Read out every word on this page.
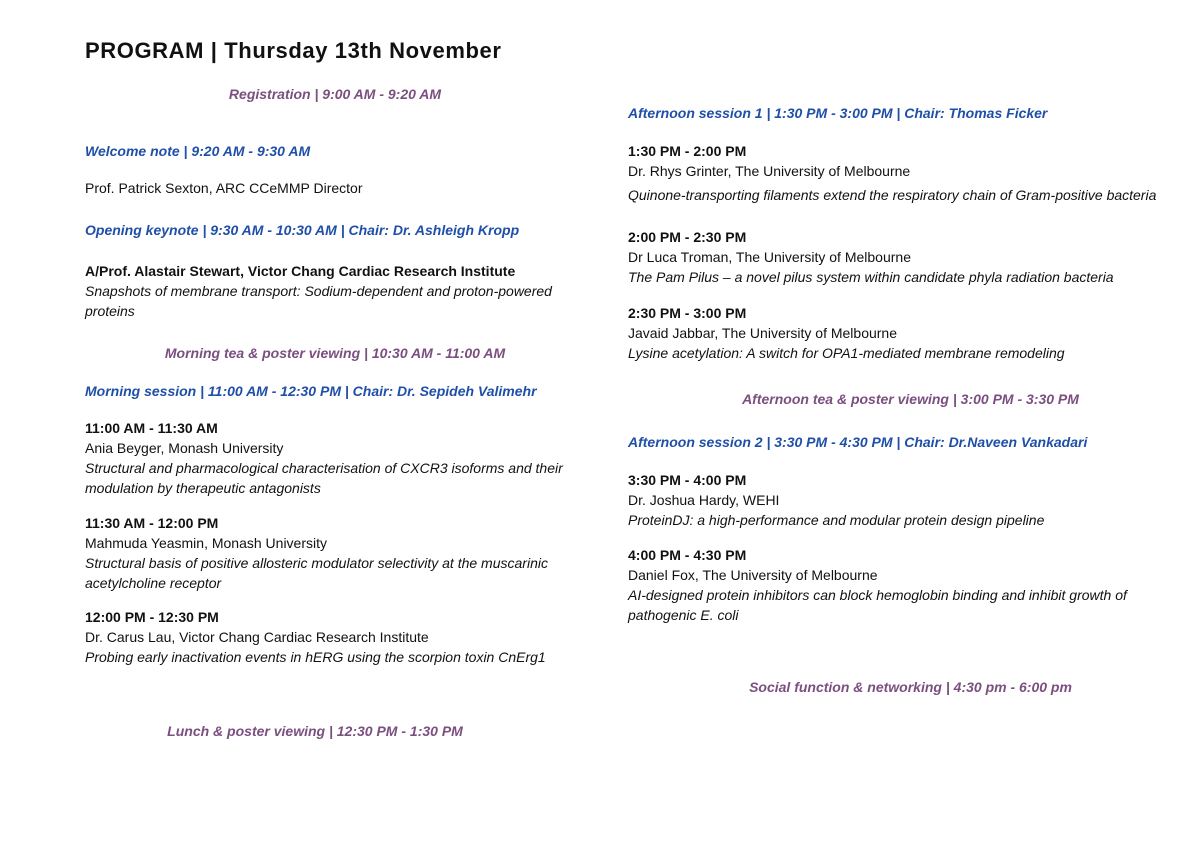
PROGRAM | Thursday 13th November
Registration | 9:00 AM - 9:20 AM
Welcome note | 9:20 AM - 9:30 AM
Prof. Patrick Sexton, ARC CCeMMP Director
Opening keynote | 9:30 AM - 10:30 AM | Chair: Dr. Ashleigh Kropp
A/Prof. Alastair Stewart, Victor Chang Cardiac Research Institute
Snapshots of membrane transport: Sodium-dependent and proton-powered proteins
Morning tea & poster viewing | 10:30 AM - 11:00 AM
Morning session | 11:00 AM - 12:30 PM | Chair: Dr. Sepideh Valimehr
11:00 AM - 11:30 AM
Ania Beyger, Monash University
Structural and pharmacological characterisation of CXCR3 isoforms and their modulation by therapeutic antagonists
11:30 AM - 12:00 PM
Mahmuda Yeasmin, Monash University
Structural basis of positive allosteric modulator selectivity at the muscarinic acetylcholine receptor
12:00 PM - 12:30 PM
Dr. Carus Lau, Victor Chang Cardiac Research Institute
Probing early inactivation events in hERG using the scorpion toxin CnErg1
Lunch & poster viewing | 12:30 PM - 1:30 PM
Afternoon session 1 | 1:30 PM - 3:00 PM | Chair: Thomas Ficker
1:30 PM - 2:00 PM
Dr. Rhys Grinter, The University of Melbourne
Quinone-transporting filaments extend the respiratory chain of Gram-positive bacteria
2:00 PM - 2:30 PM
Dr Luca Troman, The University of Melbourne
The Pam Pilus – a novel pilus system within candidate phyla radiation bacteria
2:30 PM - 3:00 PM
Javaid Jabbar, The University of Melbourne
Lysine acetylation: A switch for OPA1-mediated membrane remodeling
Afternoon tea & poster viewing | 3:00 PM - 3:30 PM
Afternoon session 2 | 3:30 PM - 4:30 PM | Chair: Dr.Naveen Vankadari
3:30 PM - 4:00 PM
Dr. Joshua Hardy, WEHI
ProteinDJ: a high-performance and modular protein design pipeline
4:00 PM - 4:30 PM
Daniel Fox, The University of Melbourne
AI-designed protein inhibitors can block hemoglobin binding and inhibit growth of pathogenic E. coli
Social function & networking | 4:30 pm - 6:00 pm
